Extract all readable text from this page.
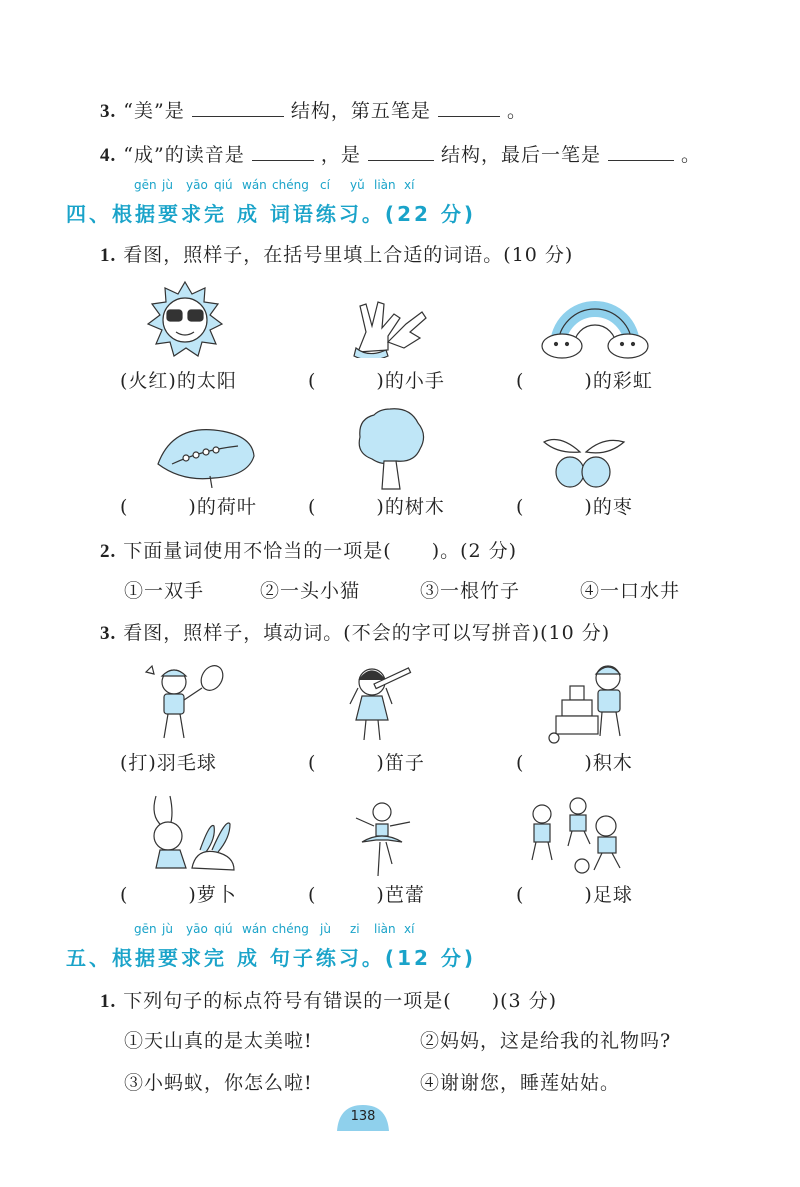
3. “美”是	结构，第五笔是	。
4. “成”的读音是	，是	结构，最后一笔是	。
gēn jù yāo qiú wán chéng cí yǔ liàn xí
四、根据要求完 成 词语练习。(22 分)
1. 看图，照样子，在括号里填上合适的词语。(10 分)
(火红)的太阳	(　　　)的小手	(　　　)的彩虹
(　　　)的荷叶	(　　　)的树木	(　　　)的枣
2. 下面量词使用不恰当的一项是(　　)。(2 分)
①一双手	②一头小猫	③一根竹子	④一口水井
3. 看图，照样子，填动词。(不会的字可以写拼音)(10 分)
(打)羽毛球	(　　　)笛子	(　　　)积木
(　　　)萝卜	(　　　)芭蕾	(　　　)足球
gēn jù yāo qiú wán chéng jù zi liàn xí
五、根据要求完 成 句子练习。(12 分)
1. 下列句子的标点符号有错误的一项是(　　)(3 分)
①天山真的是太美啦!	②妈妈，这是给我的礼物吗?
③小蚂蚁，你怎么啦!	④谢谢您，睡莲姑姑。
138
